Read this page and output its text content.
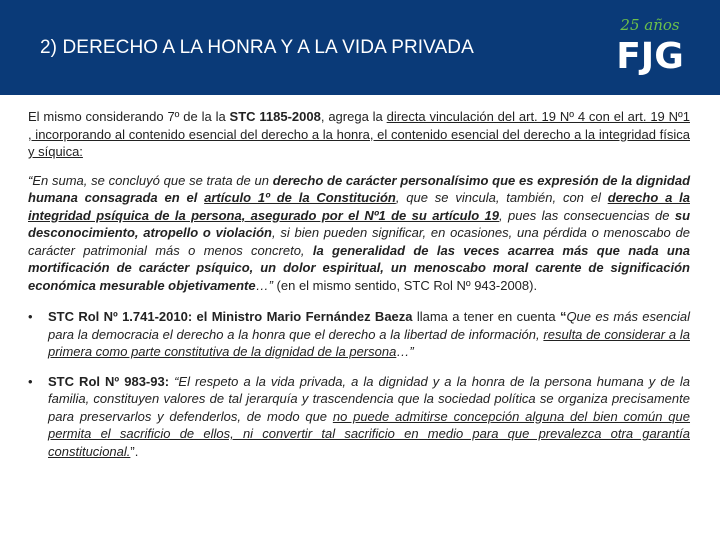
2) DERECHO A LA HONRA Y A LA VIDA PRIVADA
25 años
FJG

El mismo considerando 7º de la la STC 1185-2008, agrega la directa vinculación del art. 19 Nº 4 con el art. 19 Nº1 , incorporando al contenido esencial del derecho a la honra, el contenido esencial del derecho a la integridad física y síquica:

“En suma, se concluyó que se trata de un derecho de carácter personalísimo que es expresión de la dignidad humana consagrada en el artículo 1º de la Constitución, que se vincula, también, con el derecho a la integridad psíquica de la persona, asegurado por el Nº1 de su artículo 19, pues las consecuencias de su desconocimiento, atropello o violación, si bien pueden significar, en ocasiones, una pérdida o menoscabo de carácter patrimonial más o menos concreto, la generalidad de las veces acarrea más que nada una mortificación de carácter psíquico, un dolor espiritual, un menoscabo moral carente de significación económica mesurable objetivamente…” (en el mismo sentido, STC Rol Nº 943-2008).

• STC Rol Nº 1.741-2010: el Ministro Mario Fernández Baeza llama a tener en cuenta “Que es más esencial para la democracia el derecho a la honra que el derecho a la libertad de información, resulta de considerar a la primera como parte constitutiva de la dignidad de la persona…”
• STC Rol Nº 983-93: “El respeto a la vida privada, a la dignidad y a la honra de la persona humana y de la familia, constituyen valores de tal jerarquía y trascendencia que la sociedad política se organiza precisamente para preservarlos y defenderlos, de modo que no puede admitirse concepción alguna del bien común que permita el sacrificio de ellos, ni convertir tal sacrificio en medio para que prevalezca otra garantía constitucional.”.
